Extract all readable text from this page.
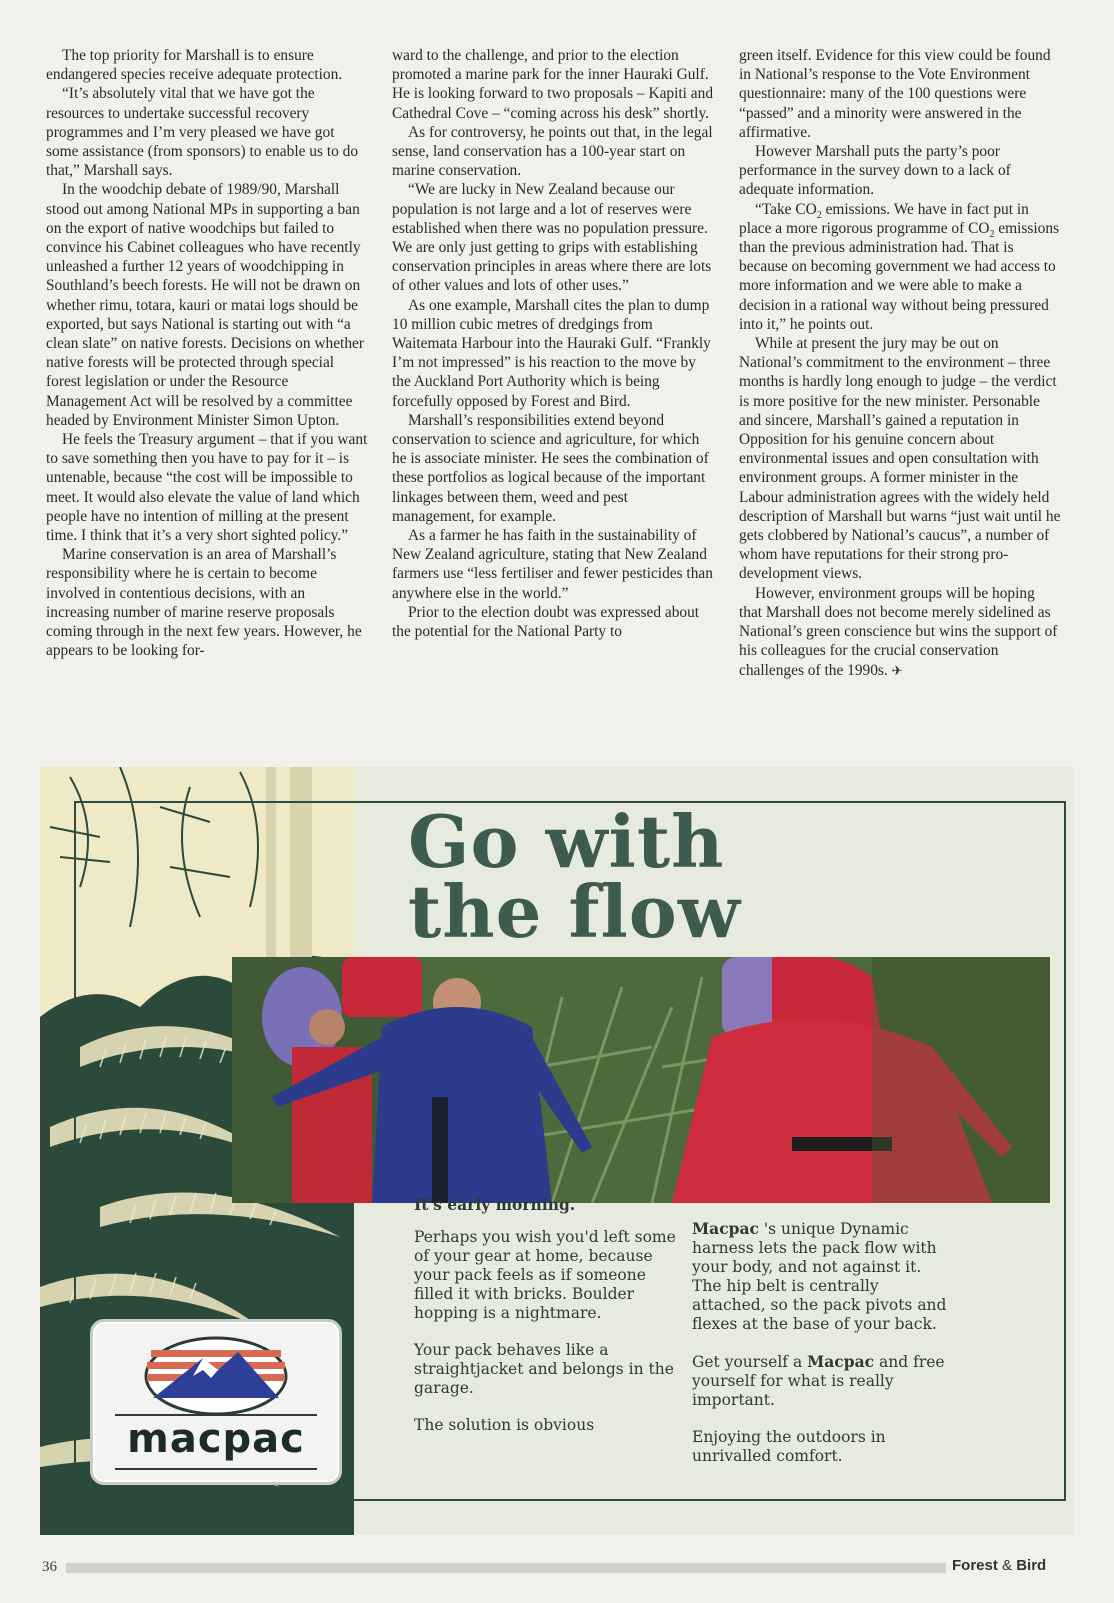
The top priority for Marshall is to ensure endangered species receive adequate protection.

“It’s absolutely vital that we have got the resources to undertake successful recovery programmes and I’m very pleased we have got some assistance (from sponsors) to enable us to do that,” Marshall says.

In the woodchip debate of 1989/90, Marshall stood out among National MPs in supporting a ban on the export of native woodchips but failed to convince his Cabinet colleagues who have recently unleashed a further 12 years of woodchipping in Southland’s beech forests. He will not be drawn on whether rimu, totara, kauri or matai logs should be exported, but says National is starting out with “a clean slate” on native forests. Decisions on whether native forests will be protected through special forest legislation or under the Resource Management Act will be resolved by a committee headed by Environment Minister Simon Upton.

He feels the Treasury argument – that if you want to save something then you have to pay for it – is untenable, because “the cost will be impossible to meet. It would also elevate the value of land which people have no intention of milling at the present time. I think that it’s a very short sighted policy.”

Marine conservation is an area of Marshall’s responsibility where he is certain to become involved in contentious decisions, with an increasing number of marine reserve proposals coming through in the next few years. However, he appears to be looking for-

ward to the challenge, and prior to the election promoted a marine park for the inner Hauraki Gulf. He is looking forward to two proposals – Kapiti and Cathedral Cove – “coming across his desk” shortly.

As for controversy, he points out that, in the legal sense, land conservation has a 100-year start on marine conservation.

“We are lucky in New Zealand because our population is not large and a lot of reserves were established when there was no population pressure. We are only just getting to grips with establishing conservation principles in areas where there are lots of other values and lots of other uses.”

As one example, Marshall cites the plan to dump 10 million cubic metres of dredgings from Waitemata Harbour into the Hauraki Gulf. “Frankly I’m not impressed” is his reaction to the move by the Auckland Port Authority which is being forcefully opposed by Forest and Bird.

Marshall’s responsibilities extend beyond conservation to science and agriculture, for which he is associate minister. He sees the combination of these portfolios as logical because of the important linkages between them, weed and pest management, for example.

As a farmer he has faith in the sustainability of New Zealand agriculture, stating that New Zealand farmers use “less fertiliser and fewer pesticides than anywhere else in the world.”

Prior to the election doubt was expressed about the potential for the National Party to

green itself. Evidence for this view could be found in National’s response to the Vote Environment questionnaire: many of the 100 questions were “passed” and a minority were answered in the affirmative.

However Marshall puts the party’s poor performance in the survey down to a lack of adequate information.

“Take $CO_2$ emissions. We have in fact put in place a more rigorous programme of $CO_2$ emissions than the previous administration had. That is because on becoming government we had access to more information and we were able to make a decision in a rational way without being pressured into it,” he points out.

While at present the jury may be out on National’s commitment to the environment – three months is hardly long enough to judge – the verdict is more positive for the new minister. Personable and sincere, Marshall’s gained a reputation in Opposition for his genuine concern about environmental issues and open consultation with environment groups. A former minister in the Labour administration agrees with the widely held description of Marshall but warns “just wait until he gets clobbered by National’s caucus”, a number of whom have reputations for their strong pro-development views.

However, environment groups will be hoping that Marshall does not become merely sidelined as National’s green conscience but wins the support of his colleagues for the crucial conservation challenges of the 1990s. ✈

Go with
the flow

It's early morning.

Perhaps you wish you'd left some of your gear at home, because your pack feels as if someone filled it with bricks. Boulder hopping is a nightmare.

Your pack behaves like a straightjacket and belongs in the garage.

The solution is obvious

Macpac 's unique Dynamic harness lets the pack flow with your body, and not against it. The hip belt is centrally attached, so the pack pivots and flexes at the base of your back.

Get yourself a Macpac and free yourself for what is really important.

Enjoying the outdoors in unrivalled comfort.

macpac
36	Forest & Bird
